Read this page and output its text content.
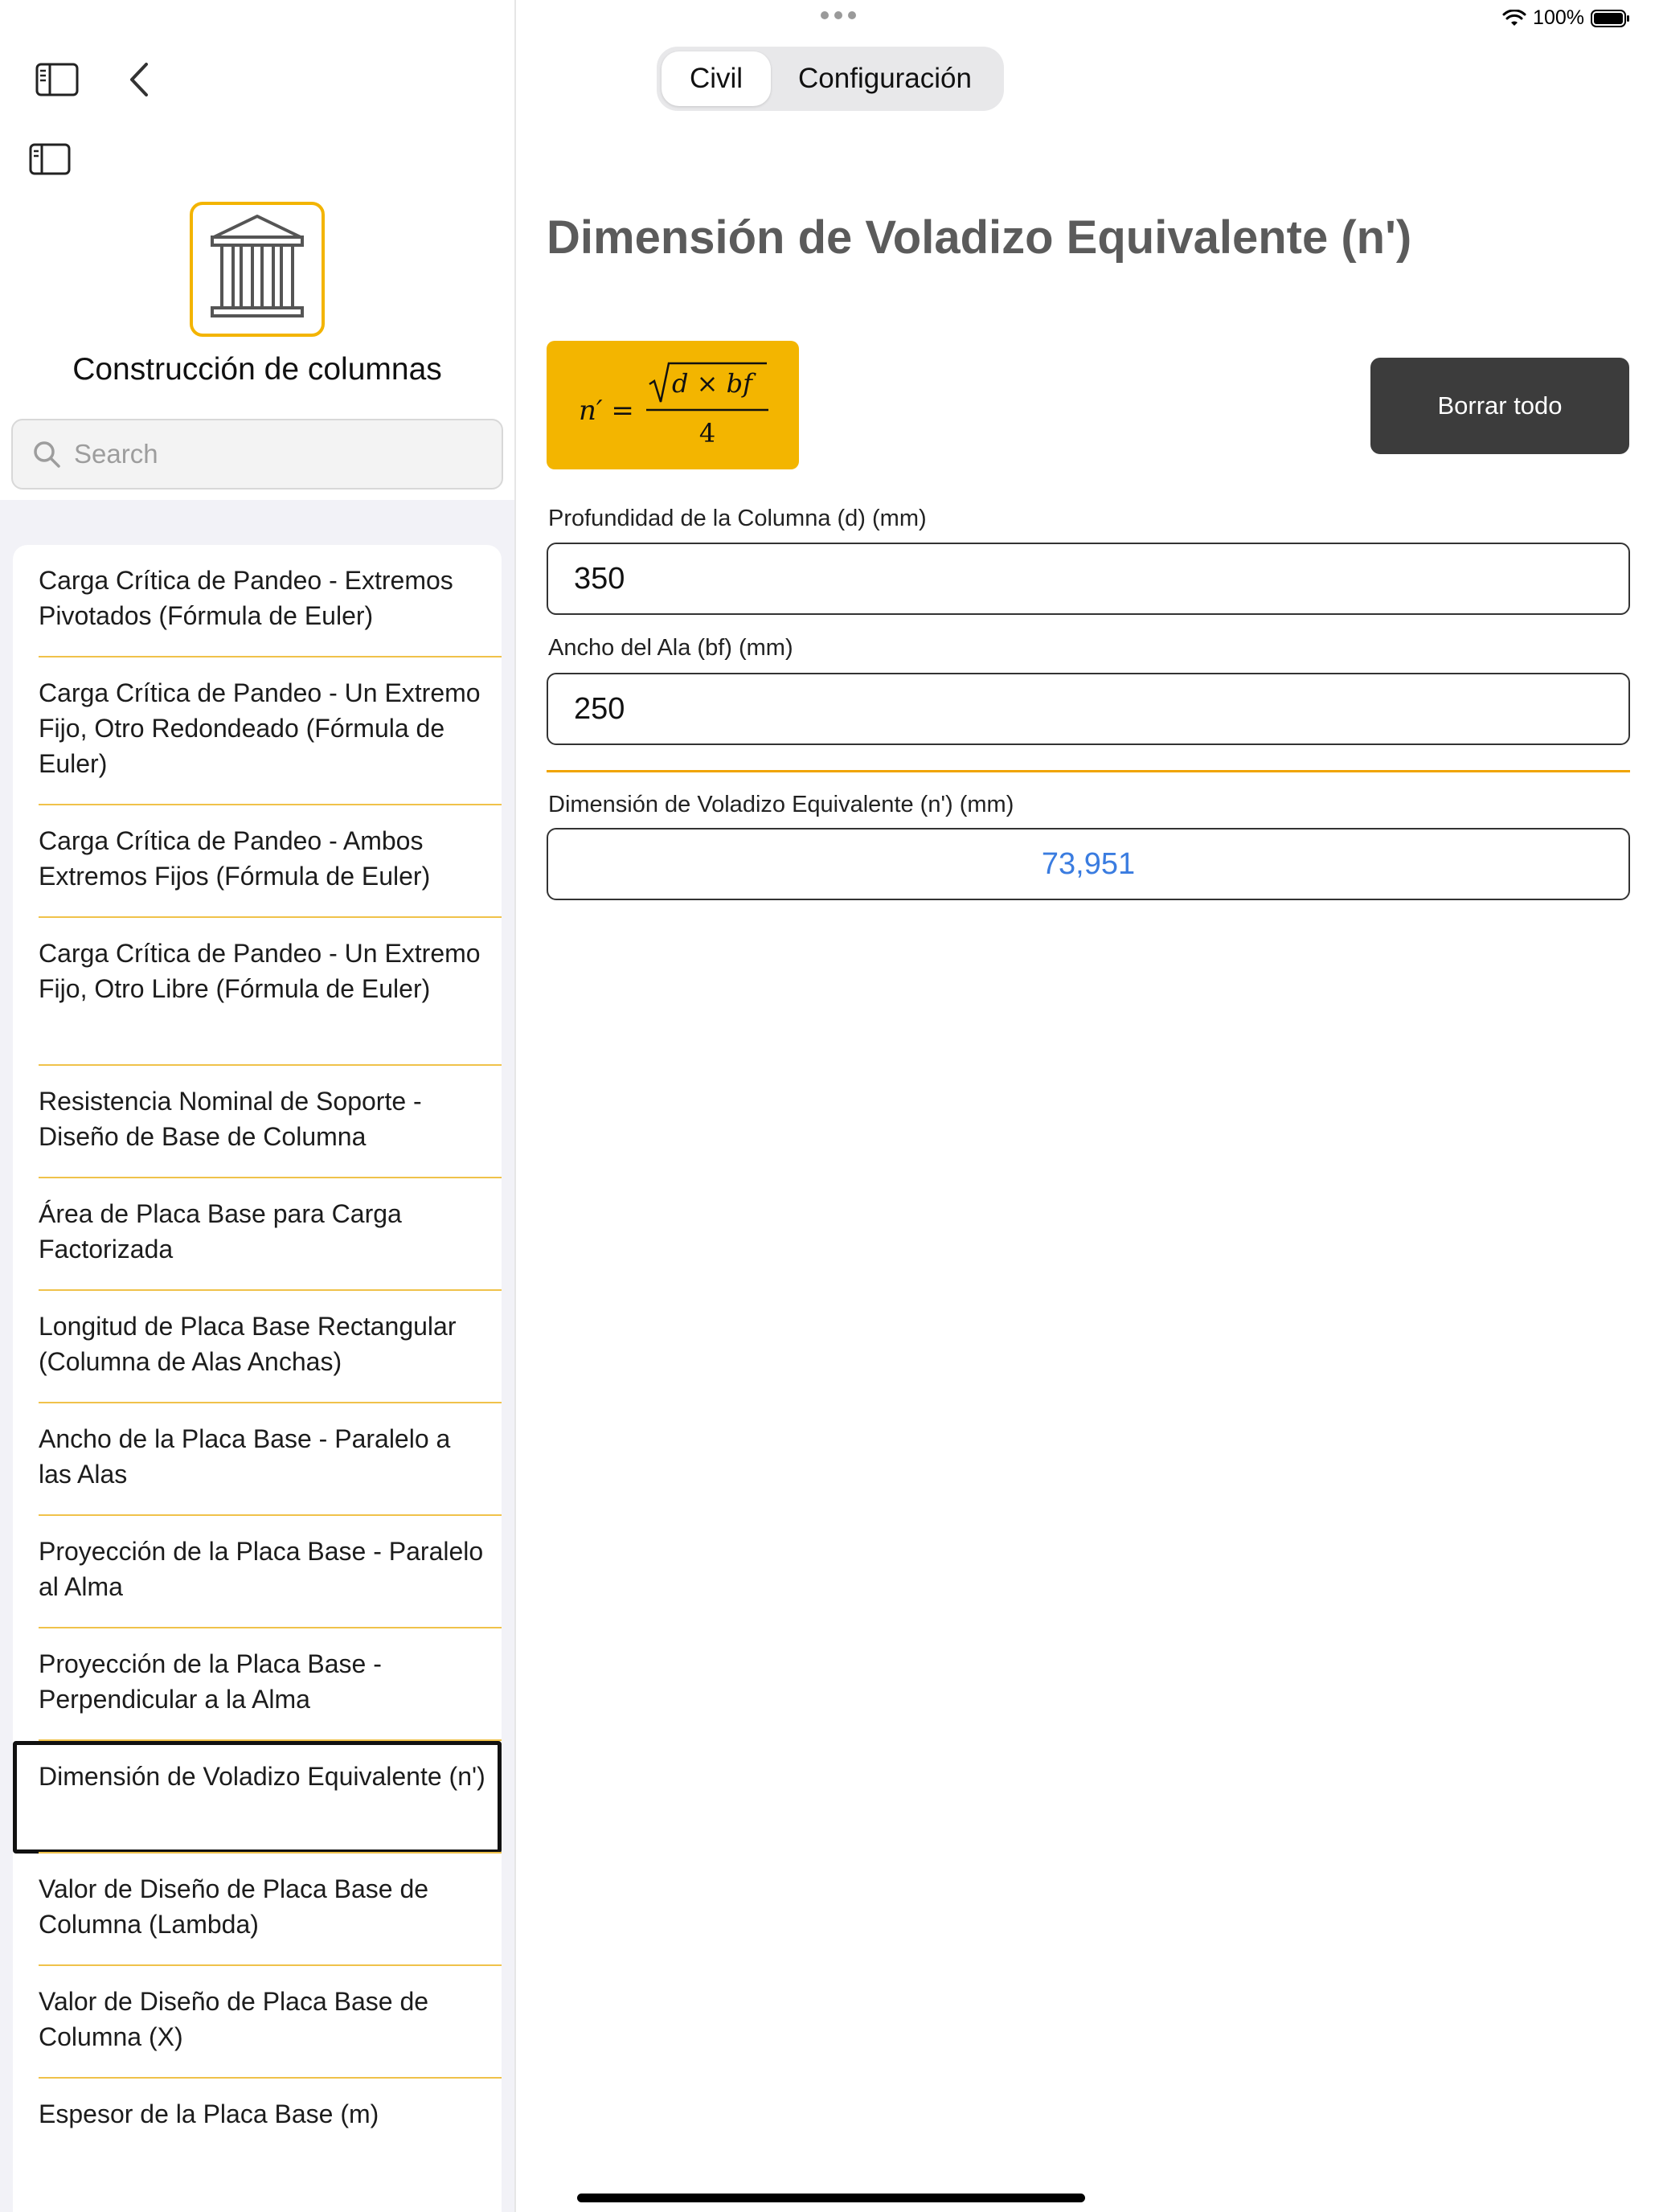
100%
Construcción de columnas
Search
Carga Crítica de Pandeo - Extremos Pivotados (Fórmula de Euler)
Carga Crítica de Pandeo - Un Extremo Fijo, Otro Redondeado (Fórmula de Euler)
Carga Crítica de Pandeo - Ambos Extremos Fijos (Fórmula de Euler)
Carga Crítica de Pandeo - Un Extremo Fijo, Otro Libre (Fórmula de Euler)
Resistencia Nominal de Soporte - Diseño de Base de Columna
Área de Placa Base para Carga Factorizada
Longitud de Placa Base Rectangular (Columna de Alas Anchas)
Ancho de la Placa Base - Paralelo a las Alas
Proyección de la Placa Base - Paralelo al Alma
Proyección de la Placa Base - Perpendicular a la Alma
Dimensión de Voladizo Equivalente (n')
Valor de Diseño de Placa Base de Columna (Lambda)
Valor de Diseño de Placa Base de Columna (X)
Espesor de la Placa Base (m)
Civil	Configuración
Dimensión de Voladizo Equivalente (n')
n′ =
d × bf
4
Borrar todo
Profundidad de la Columna (d) (mm)
350
Ancho del Ala (bf) (mm)
250
Dimensión de Voladizo Equivalente (n') (mm)
73,951
